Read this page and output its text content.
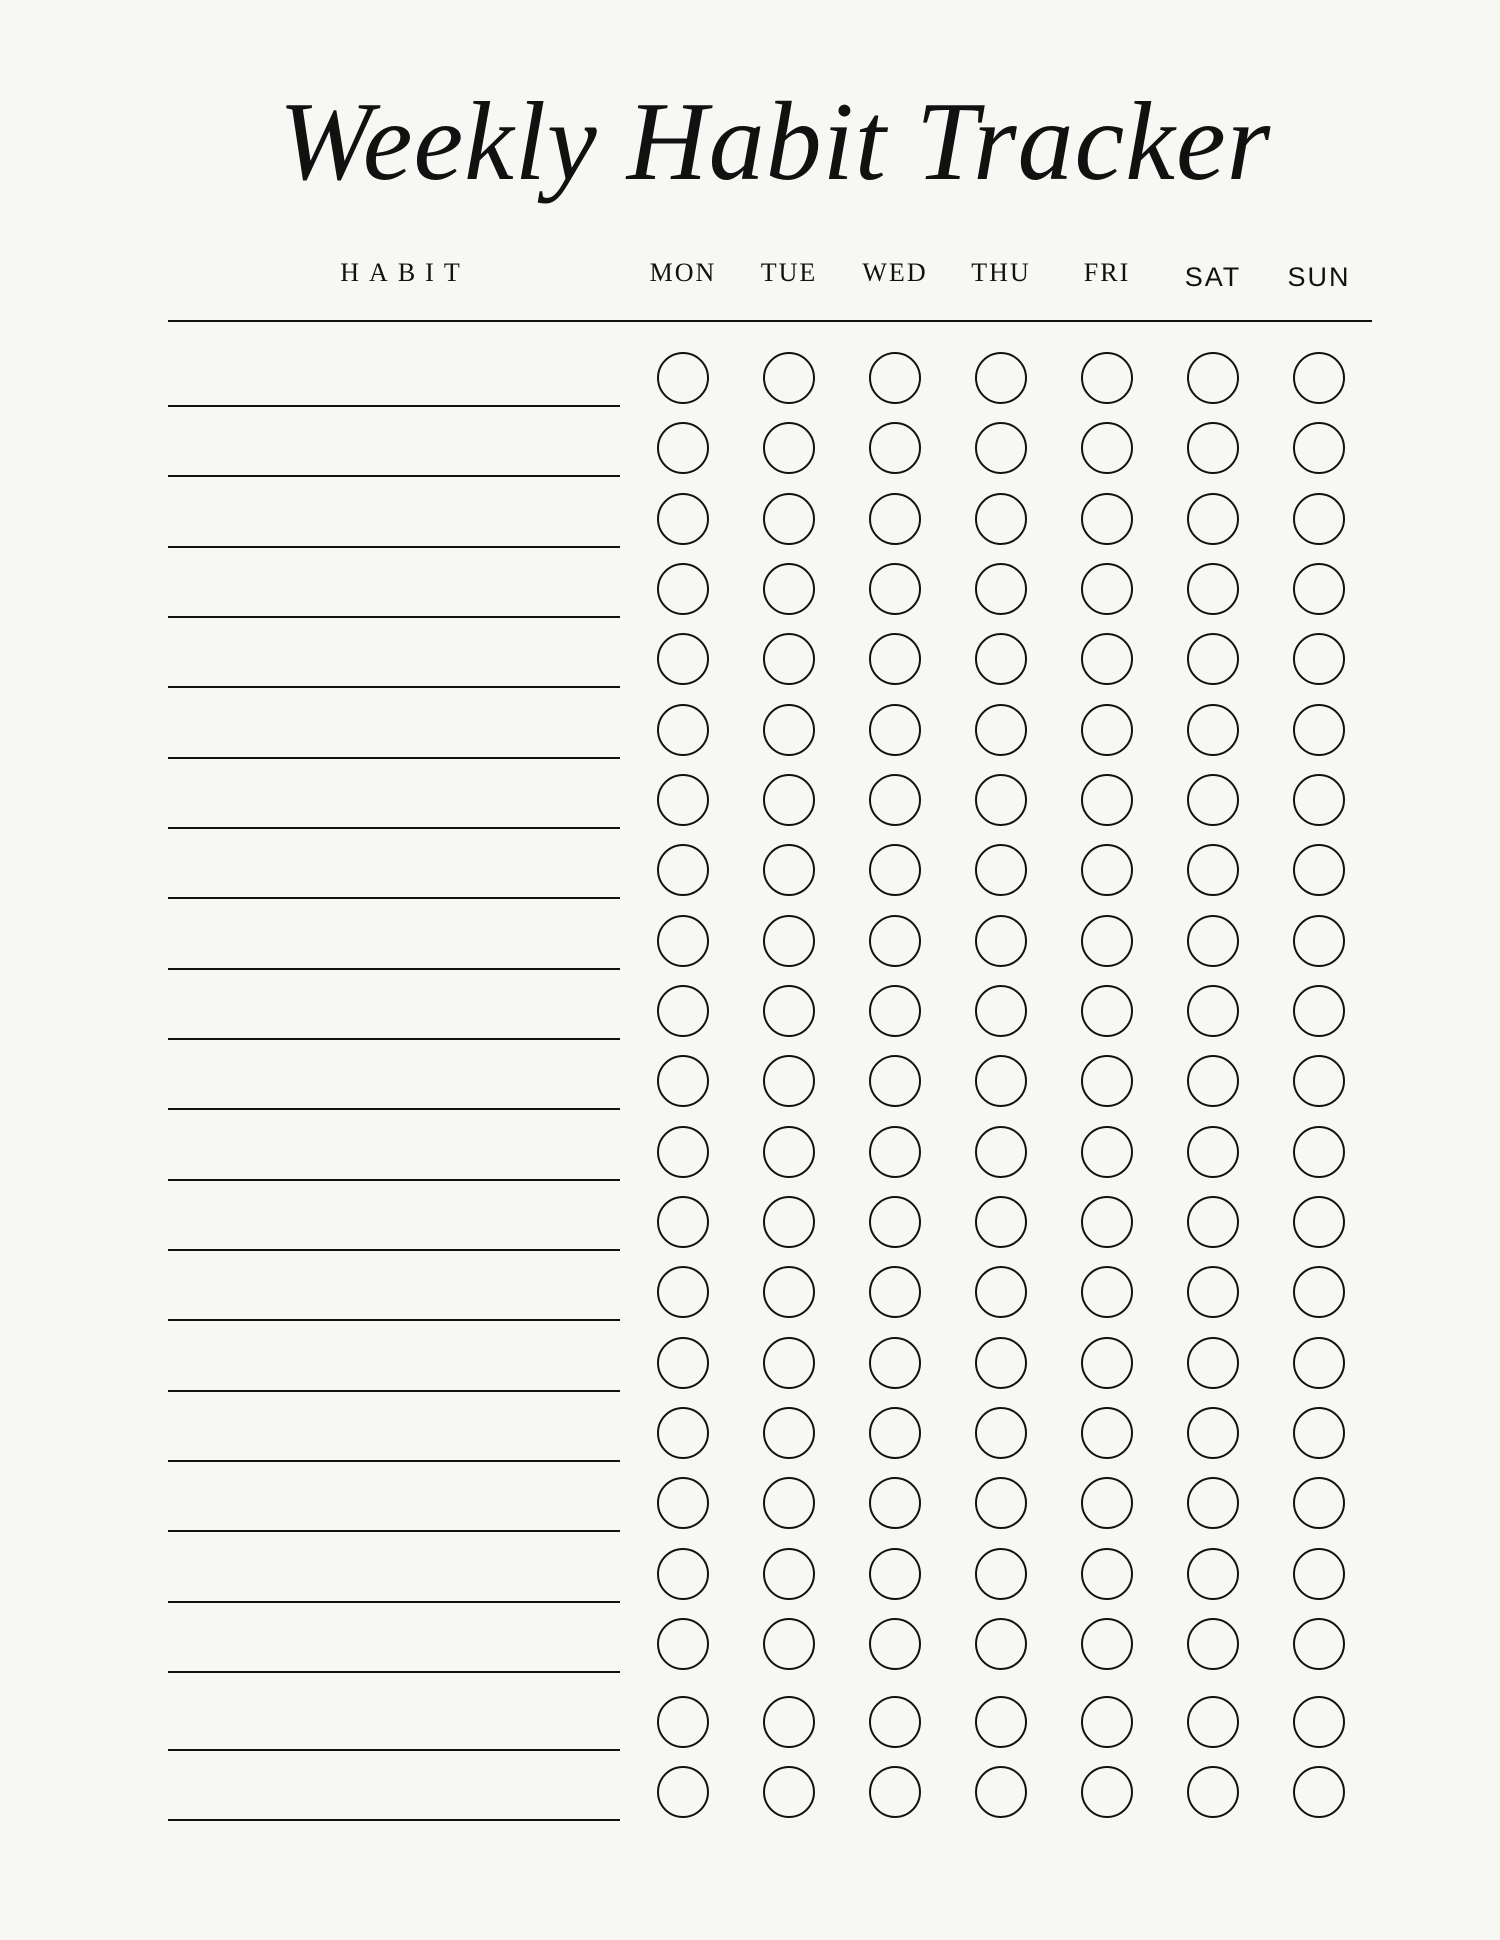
Weekly Habit Tracker
HABIT	MON	TUE	WED	THU	FRI	SAT	SUN
